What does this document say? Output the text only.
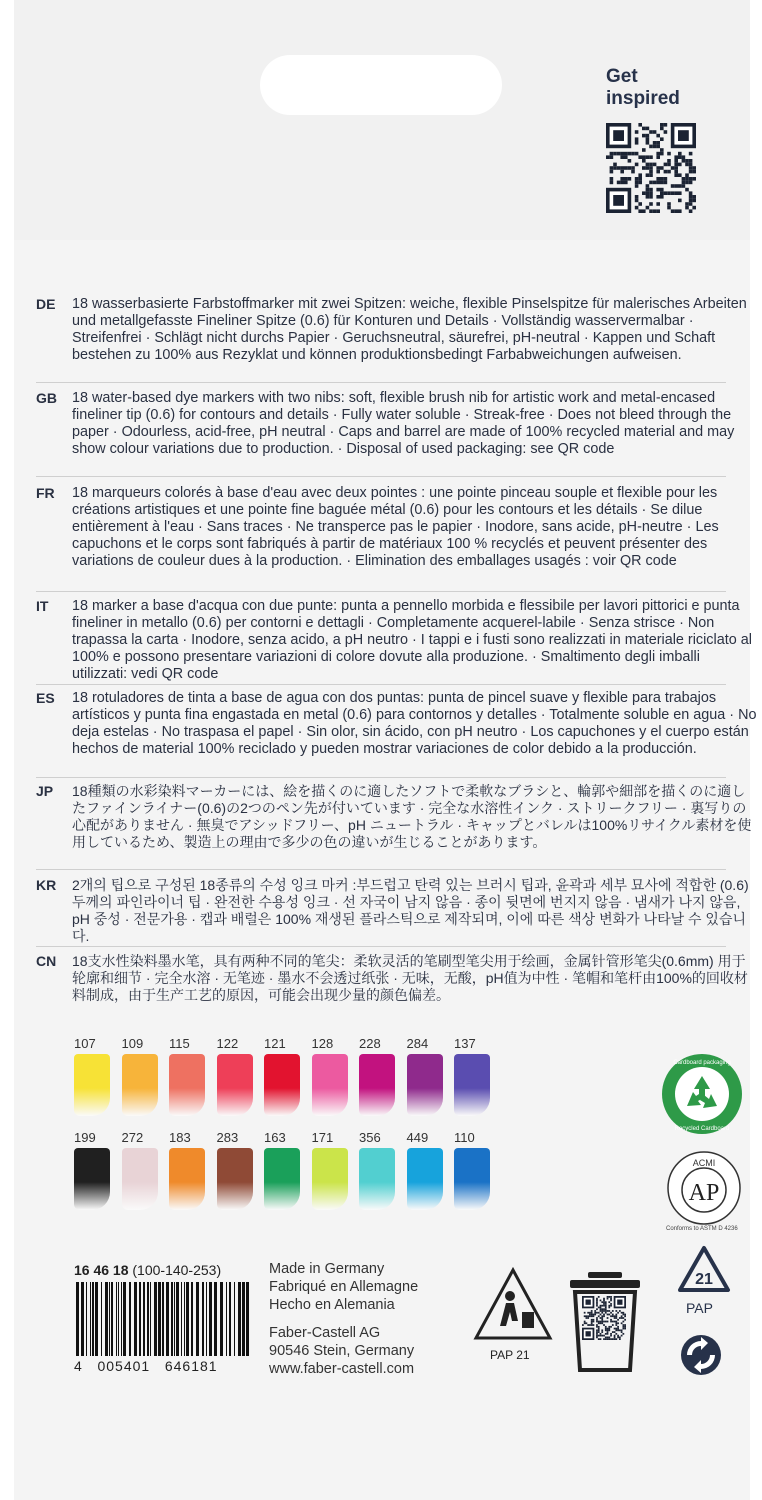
Get
inspired
DE	18 wasserbasierte Farbstoffmarker mit zwei Spitzen: weiche, flexible Pinselspitze für malerisches Arbeiten und metallgefasste Fineliner Spitze (0.6) für Konturen und Details · Vollständig wasservermalbar · Streifenfrei · Schlägt nicht durchs Papier · Geruchsneutral, säurefrei, pH-neutral · Kappen und Schaft bestehen zu 100% aus Rezyklat und können produktionsbedingt Farbabweichungen aufweisen.
GB	18 water-based dye markers with two nibs: soft, flexible brush nib for artistic work and metal-encased fineliner tip (0.6) for contours and details · Fully water soluble · Streak-free · Does not bleed through the paper · Odourless, acid-free, pH neutral · Caps and barrel are made of 100% recycled material and may show colour variations due to production. · Disposal of used packaging: see QR code
FR	18 marqueurs colorés à base d'eau avec deux pointes : une pointe pinceau souple et flexible pour les créations artistiques et une pointe fine baguée métal (0.6) pour les contours et les détails · Se dilue entièrement à l'eau · Sans traces · Ne transperce pas le papier · Inodore, sans acide, pH-neutre · Les capuchons et le corps sont fabriqués à partir de matériaux 100 % recyclés et peuvent présenter des variations de couleur dues à la production. · Elimination des emballages usagés : voir QR code
IT	18 marker a base d'acqua con due punte: punta a pennello morbida e flessibile per lavori pittorici e punta fineliner in metallo (0.6) per contorni e dettagli · Completamente acquerel-labile · Senza strisce · Non trapassa la carta · Inodore, senza acido, a pH neutro · I tappi e i fusti sono realizzati in materiale riciclato al 100% e possono presentare variazioni di colore dovute alla produzione. · Smaltimento degli imballi utilizzati: vedi QR code
ES	18 rotuladores de tinta a base de agua con dos puntas: punta de pincel suave y flexible para trabajos artísticos y punta fina engastada en metal (0.6) para contornos y detalles · Totalmente soluble en agua · No deja estelas · No traspasa el papel · Sin olor, sin ácido, con pH neutro · Los capuchones y el cuerpo están hechos de material 100% reciclado y pueden mostrar variaciones de color debido a la producción.
JP	18種類の水彩染料マーカーには、絵を描くのに適したソフトで柔軟なブラシと、輪郭や細部を描くのに適したファインライナー(0.6)の2つのペン先が付いています · 完全な水溶性インク · ストリークフリー · 裏写りの心配がありません · 無臭でアシッドフリー、pH ニュートラル · キャップとバレルは100%リサイクル素材を使用しているため、製造上の理由で多少の色の違いが生じることがあります。
KR	2개의 팁으로 구성된 18종류의 수성 잉크 마커 :부드럽고 탄력 있는 브러시 팁과, 윤곽과 세부 묘사에 적합한 (0.6)두께의 파인라이너 팁 · 완전한 수용성 잉크 · 선 자국이 남지 않음 · 종이 뒷면에 번지지 않음 · 냄새가 나지 않음, pH 중성 · 전문가용 · 캡과 배럴은 100% 재생된 플라스틱으로 제작되며, 이에 따른 색상 변화가 나타날 수 있습니다.
CN	18支水性染料墨水笔，具有两种不同的笔尖：柔软灵活的笔刷型笔尖用于绘画，金属针管形笔尖(0.6mm) 用于轮廓和细节 · 完全水溶 · 无笔迹 · 墨水不会透过纸张 · 无味，无酸，pH值为中性 · 笔帽和笔杆由100%的回收材料制成，由于生产工艺的原因，可能会出现少量的颜色偏差。
107 109 115 122 121 128 228 284 137
199 272 183 283 163 171 356 449 110
Cardboard packaging
Recycled Cardboard
ACMI
AP
Conforms to ASTM D 4236
21
PAP
PAP 21
16 46 18 (100-140-253)
4   005401   646181
Made in Germany
Fabriqué en Allemagne
Hecho en Alemania
Faber-Castell AG
90546 Stein, Germany
www.faber-castell.com
